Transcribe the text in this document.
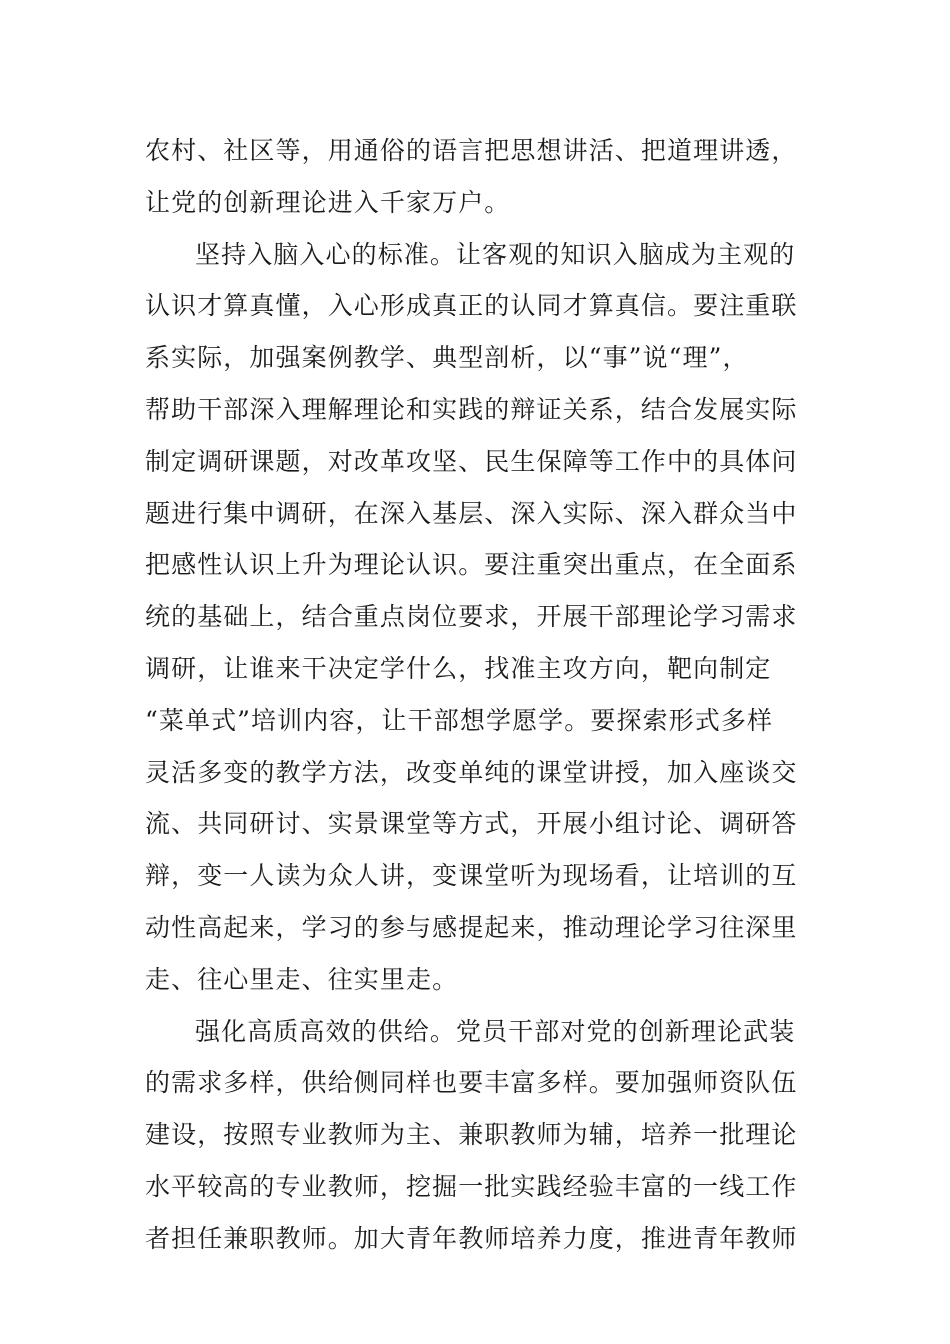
农村、社区等，用通俗的语言把思想讲活、把道理讲透，
让党的创新理论进入千家万户。
坚持入脑入心的标准。让客观的知识入脑成为主观的
认识才算真懂，入心形成真正的认同才算真信。要注重联
系实际，加强案例教学、典型剖析，以“事”说“理”，
帮助干部深入理解理论和实践的辩证关系，结合发展实际
制定调研课题，对改革攻坚、民生保障等工作中的具体问
题进行集中调研，在深入基层、深入实际、深入群众当中
把感性认识上升为理论认识。要注重突出重点，在全面系
统的基础上，结合重点岗位要求，开展干部理论学习需求
调研，让谁来干决定学什么，找准主攻方向，靶向制定
“菜单式”培训内容，让干部想学愿学。要探索形式多样
灵活多变的教学方法，改变单纯的课堂讲授，加入座谈交
流、共同研讨、实景课堂等方式，开展小组讨论、调研答
辩，变一人读为众人讲，变课堂听为现场看，让培训的互
动性高起来，学习的参与感提起来，推动理论学习往深里
走、往心里走、往实里走。
强化高质高效的供给。党员干部对党的创新理论武装
的需求多样，供给侧同样也要丰富多样。要加强师资队伍
建设，按照专业教师为主、兼职教师为辅，培养一批理论
水平较高的专业教师，挖掘一批实践经验丰富的一线工作
者担任兼职教师。加大青年教师培养力度，推进青年教师
